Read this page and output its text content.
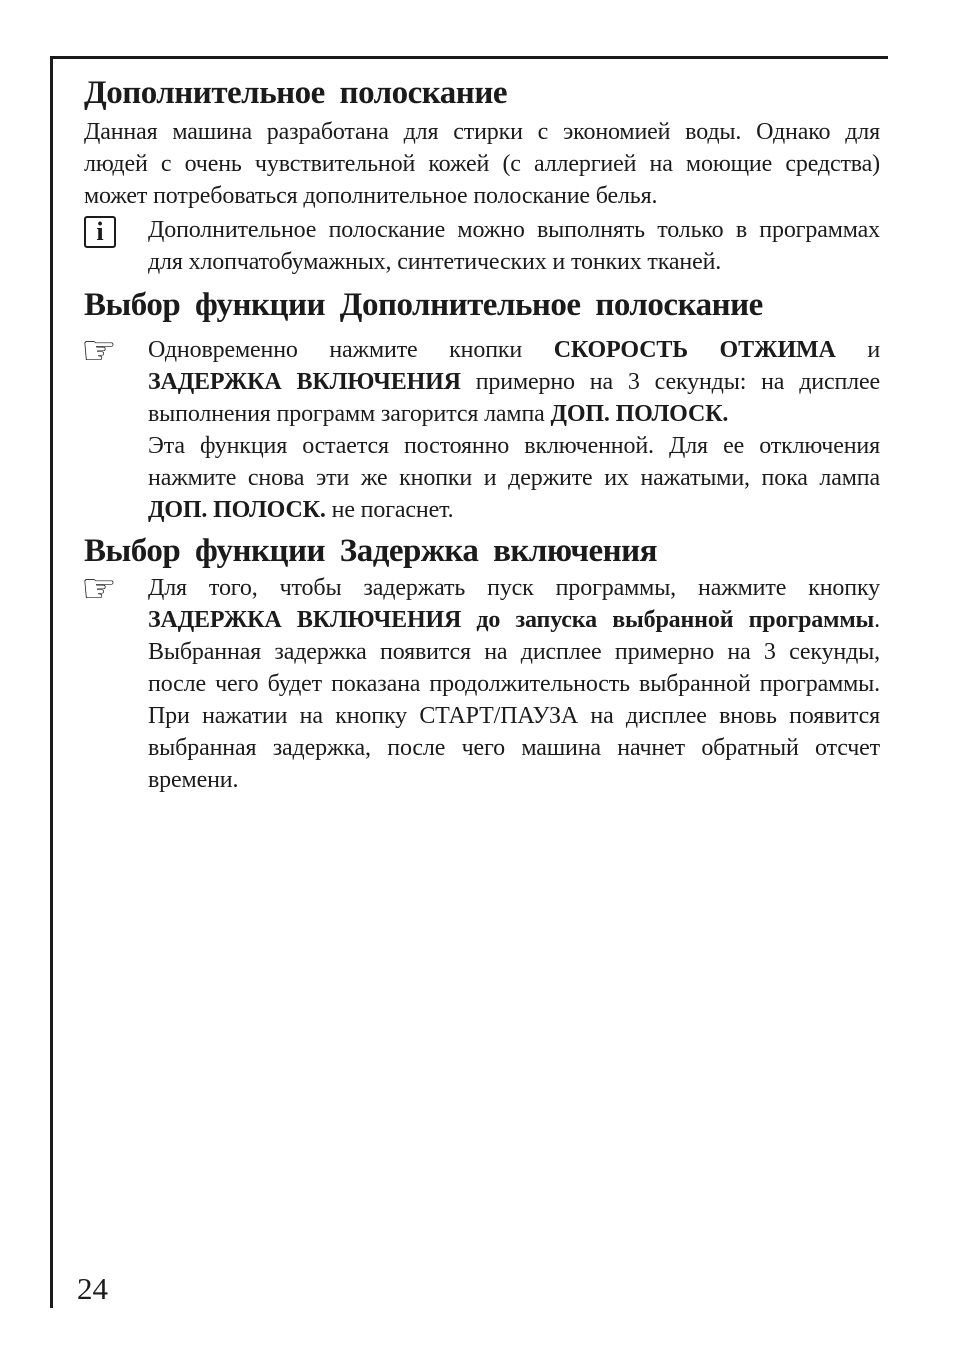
Дополнительное полоскание
Данная машина разработана для стирки с экономией воды. Однако для
людей с очень чувствительной кожей (с аллергией на моющие средства)
может потребоваться дополнительное полоскание белья.
i	Дополнительное полоскание можно выполнять только в программах
для хлопчатобумажных, синтетических и тонких тканей.
Выбор функции Дополнительное полоскание
☞ Одновременно нажмите кнопки СКОРОСТЬ ОТЖИМА и
ЗАДЕРЖКА ВКЛЮЧЕНИЯ примерно на 3 секунды: на дисплее
выполнения программ загорится лампа ДОП. ПОЛОСК.
Эта функция остается постоянно включенной. Для ее отключения
нажмите снова эти же кнопки и держите их нажатыми, пока лампа
ДОП. ПОЛОСК. не погаснет.
Выбор функции Задержка включения
☞ Для того, чтобы задержать пуск программы, нажмите кнопку
ЗАДЕРЖКА ВКЛЮЧЕНИЯ до запуска выбранной программы.
Выбранная задержка появится на дисплее примерно на 3 секунды,
после чего будет показана продолжительность выбранной программы.
При нажатии на кнопку СТАРТ/ПАУЗА на дисплее вновь появится
выбранная задержка, после чего машина начнет обратный отсчет
времени.
24
